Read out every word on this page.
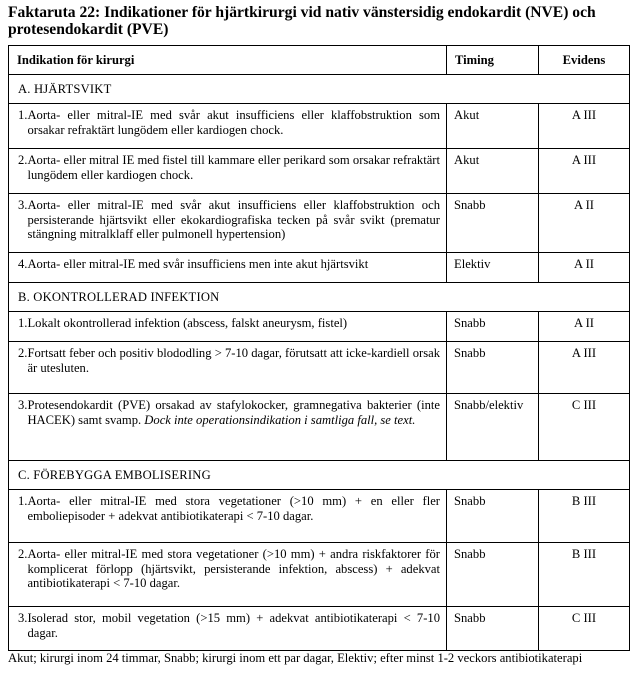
Faktaruta 22: Indikationer för hjärtkirurgi vid nativ vänstersidig endokardit (NVE) och protesendokardit (PVE)
Indikation för kirurgi	Timing	Evidens
A. HJÄRTSVIKT		

1. Aorta- eller mitral-IE med svår akut insufficiens eller klaffobstruktion som orsakar refraktärt lungödem eller kardiogen chock.	Akut	A III

2. Aorta- eller mitral IE med fistel till kammare eller perikard som orsakar refraktärt lungödem eller kardiogen chock.	Akut	A III

3. Aorta- eller mitral-IE med svår akut insufficiens eller klaffobstruktion och persisterande hjärtsvikt eller ekokardiografiska tecken på svår svikt (prematur stängning mitralklaff eller pulmonell hypertension)	Snabb	A II

4. Aorta- eller mitral-IE med svår insufficiens men inte akut hjärtsvikt	Elektiv	A II
B. OKONTROLLERAD INFEKTION		

1. Lokalt okontrollerad infektion (abscess, falskt aneurysm, fistel)	Snabb	A II

2. Fortsatt feber och positiv blododling > 7-10 dagar, förutsatt att icke-kardiell orsak är utesluten.	Snabb	A III

3. Protesendokardit (PVE) orsakad av stafylokocker, gramnegativa bakterier (inte HACEK) samt svamp. Dock inte operationsindikation i samtliga fall, se text.	Snabb/elektiv	C III
C. FÖREBYGGA EMBOLISERING		

1. Aorta- eller mitral-IE med stora vegetationer (>10 mm) + en eller fler emboliepisoder + adekvat antibiotikaterapi < 7-10 dagar.	Snabb	B III

2. Aorta- eller mitral-IE med stora vegetationer (>10 mm) + andra riskfaktorer för komplicerat förlopp (hjärtsvikt, persisterande infektion, abscess) + adekvat antibiotikaterapi < 7-10 dagar.	Snabb	B III

3. Isolerad stor, mobil vegetation (>15 mm) + adekvat antibiotikaterapi < 7-10 dagar.	Snabb	C III
Akut; kirurgi inom 24 timmar, Snabb; kirurgi inom ett par dagar, Elektiv; efter minst 1-2 veckors antibiotikaterapi
